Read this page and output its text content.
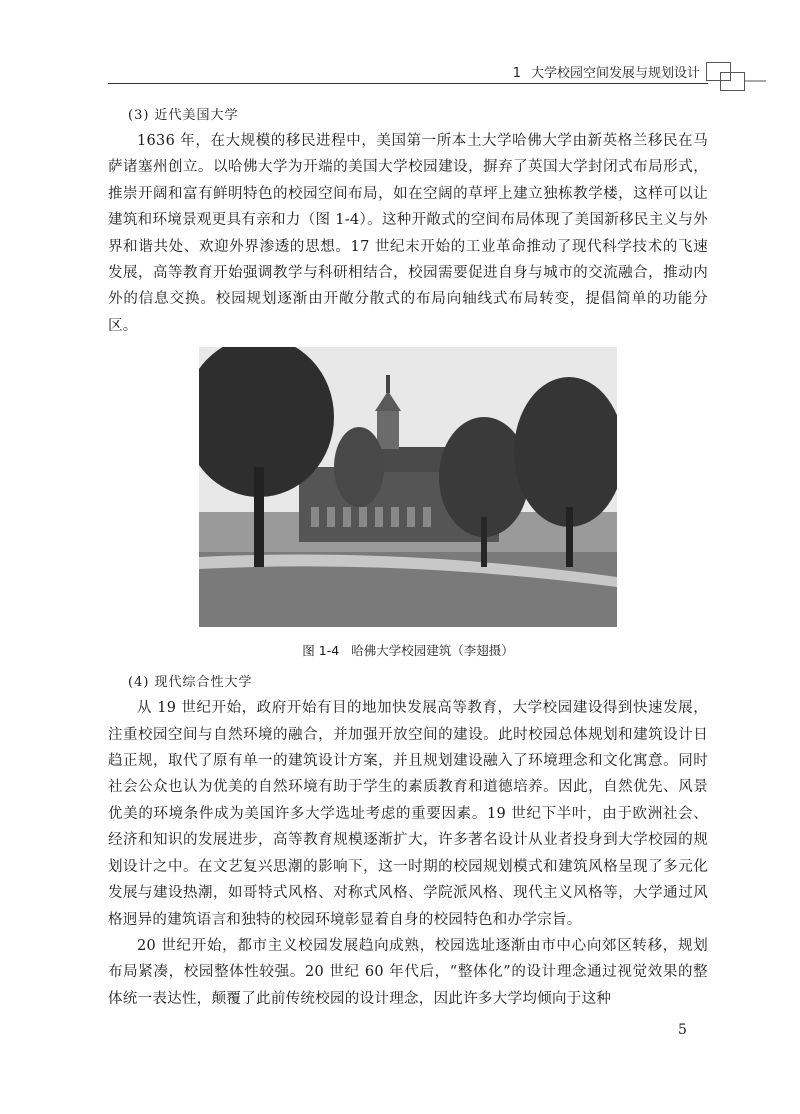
1 大学校园空间发展与规划设计
(3) 近代美国大学

1636 年，在大规模的移民进程中，美国第一所本土大学哈佛大学由新英格兰移民在马萨诸塞州创立。以哈佛大学为开端的美国大学校园建设，摒弃了英国大学封闭式布局形式，推崇开阔和富有鲜明特色的校园空间布局，如在空阔的草坪上建立独栋教学楼，这样可以让建筑和环境景观更具有亲和力（图 1-4）。这种开敞式的空间布局体现了美国新移民主义与外界和谐共处、欢迎外界渗透的思想。17 世纪末开始的工业革命推动了现代科学技术的飞速发展，高等教育开始强调教学与科研相结合，校园需要促进自身与城市的交流融合，推动内外的信息交换。校园规划逐渐由开敞分散式的布局向轴线式布局转变，提倡简单的功能分区。

图 1-4 哈佛大学校园建筑（李翅摄）
(4) 现代综合性大学

从 19 世纪开始，政府开始有目的地加快发展高等教育，大学校园建设得到快速发展，注重校园空间与自然环境的融合，并加强开放空间的建设。此时校园总体规划和建筑设计日趋正规，取代了原有单一的建筑设计方案，并且规划建设融入了环境理念和文化寓意。同时社会公众也认为优美的自然环境有助于学生的素质教育和道德培养。因此，自然优先、风景优美的环境条件成为美国许多大学选址考虑的重要因素。19 世纪下半叶，由于欧洲社会、经济和知识的发展进步，高等教育规模逐渐扩大，许多著名设计从业者投身到大学校园的规划设计之中。在文艺复兴思潮的影响下，这一时期的校园规划模式和建筑风格呈现了多元化发展与建设热潮，如哥特式风格、对称式风格、学院派风格、现代主义风格等，大学通过风格迥异的建筑语言和独特的校园环境彰显着自身的校园特色和办学宗旨。

20 世纪开始，都市主义校园发展趋向成熟，校园选址逐渐由市中心向郊区转移，规划布局紧凑，校园整体性较强。20 世纪 60 年代后，“整体化”的设计理念通过视觉效果的整体统一表达性，颠覆了此前传统校园的设计理念，因此许多大学均倾向于这种

5
